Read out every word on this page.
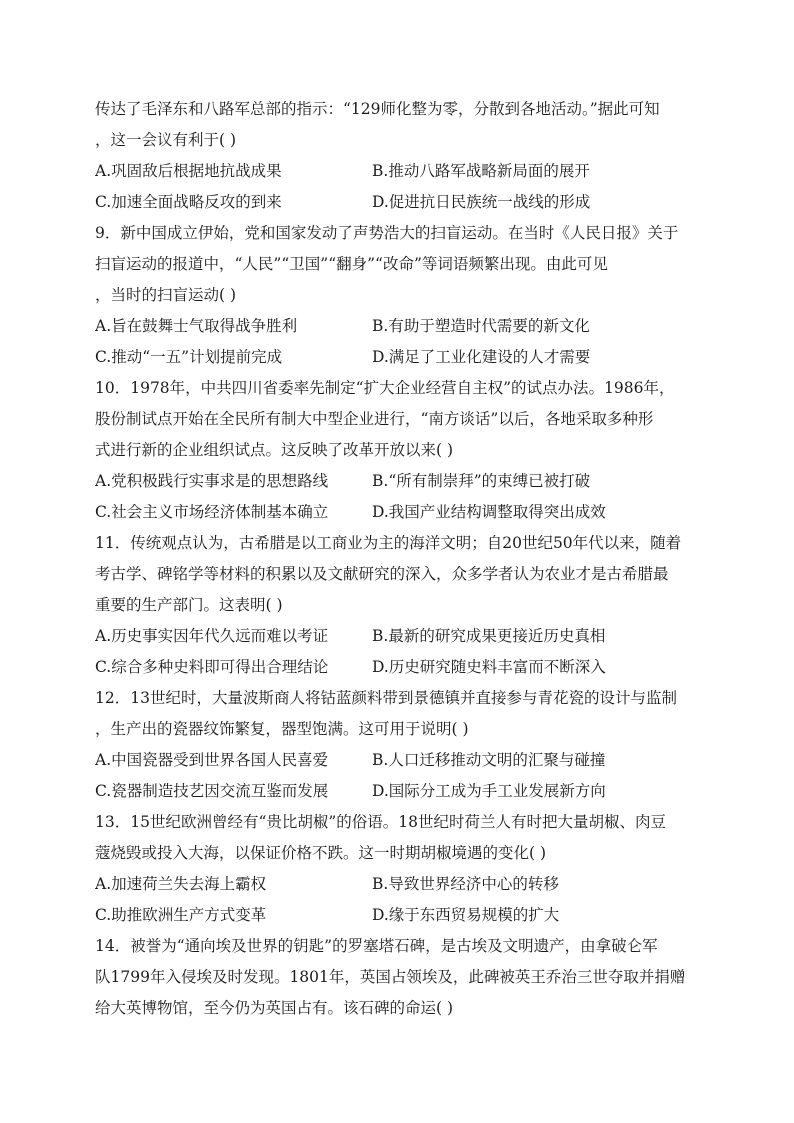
传达了毛泽东和八路军总部的指示：“129师化整为零，分散到各地活动。”据此可知
，这一会议有利于( )
A.巩固敌后根据地抗战成果	B.推动八路军战略新局面的展开
C.加速全面战略反攻的到来	D.促进抗日民族统一战线的形成
9．新中国成立伊始，党和国家发动了声势浩大的扫盲运动。在当时《人民日报》关于
扫盲运动的报道中，“人民”“卫国”“翻身”“改命”等词语频繁出现。由此可见
，当时的扫盲运动( )
A.旨在鼓舞士气取得战争胜利	B.有助于塑造时代需要的新文化
C.推动“一五”计划提前完成	D.满足了工业化建设的人才需要
10．1978年，中共四川省委率先制定“扩大企业经营自主权”的试点办法。1986年，
股份制试点开始在全民所有制大中型企业进行，“南方谈话”以后，各地采取多种形
式进行新的企业组织试点。这反映了改革开放以来( )
A.党积极践行实事求是的思想路线	B.“所有制崇拜”的束缚已被打破
C.社会主义市场经济体制基本确立	D.我国产业结构调整取得突出成效
11．传统观点认为，古希腊是以工商业为主的海洋文明；自20世纪50年代以来，随着
考古学、碑铭学等材料的积累以及文献研究的深入，众多学者认为农业才是古希腊最
重要的生产部门。这表明( )
A.历史事实因年代久远而难以考证	B.最新的研究成果更接近历史真相
C.综合多种史料即可得出合理结论	D.历史研究随史料丰富而不断深入
12．13世纪时，大量波斯商人将钴蓝颜料带到景德镇并直接参与青花瓷的设计与监制
，生产出的瓷器纹饰繁复，器型饱满。这可用于说明( )
A.中国瓷器受到世界各国人民喜爱	B.人口迁移推动文明的汇聚与碰撞
C.瓷器制造技艺因交流互鉴而发展	D.国际分工成为手工业发展新方向
13．15世纪欧洲曾经有“贵比胡椒”的俗语。18世纪时荷兰人有时把大量胡椒、肉豆
蔻烧毁或投入大海，以保证价格不跌。这一时期胡椒境遇的变化( )
A.加速荷兰失去海上霸权	B.导致世界经济中心的转移
C.助推欧洲生产方式变革	D.缘于东西贸易规模的扩大
14．被誉为“通向埃及世界的钥匙”的罗塞塔石碑，是古埃及文明遗产，由拿破仑军
队1799年入侵埃及时发现。1801年，英国占领埃及，此碑被英王乔治三世夺取并捐赠
给大英博物馆，至今仍为英国占有。该石碑的命运( )
